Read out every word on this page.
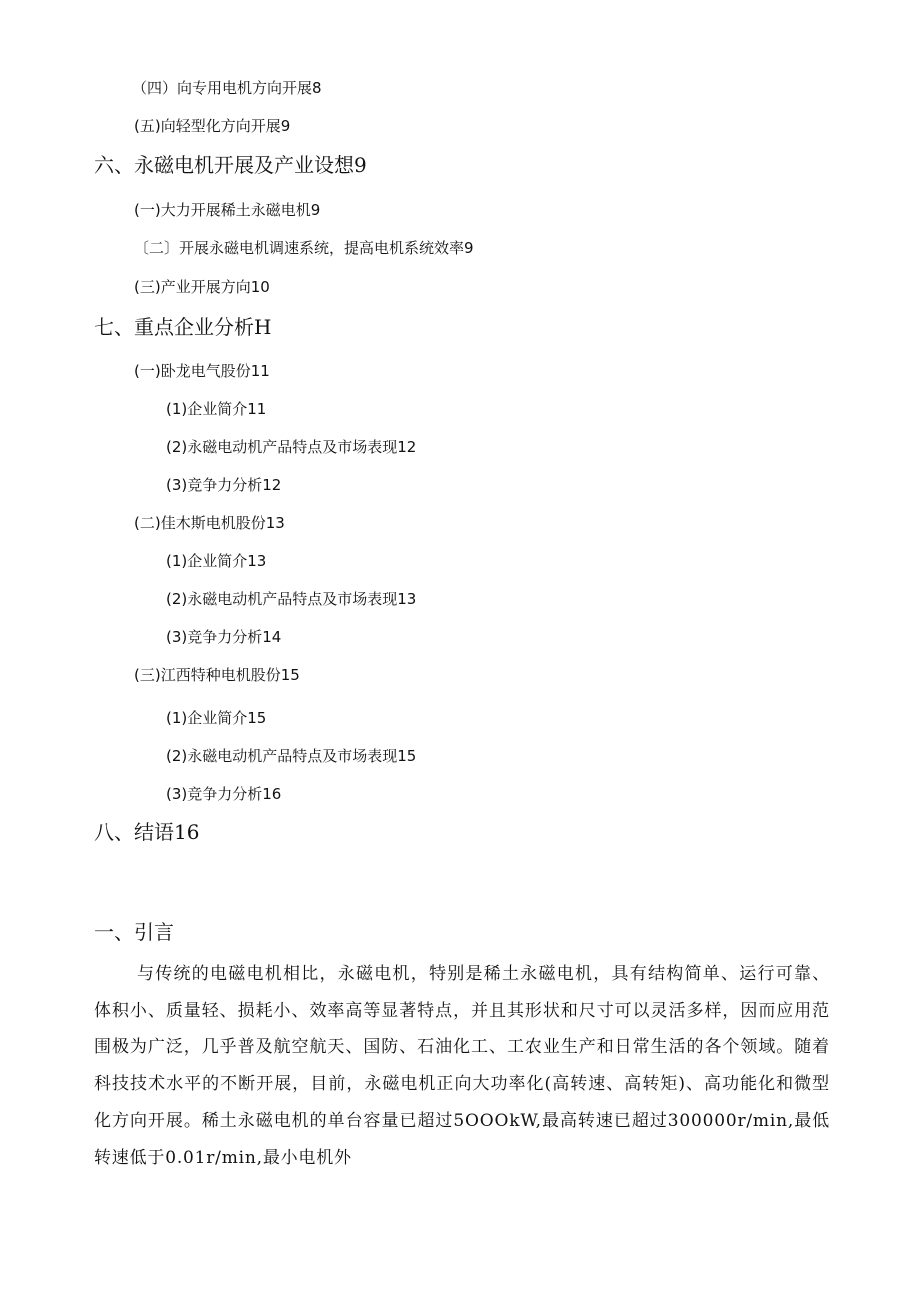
（四）向专用电机方向开展8
(五)向轻型化方向开展9
六、永磁电机开展及产业设想9
(一)大力开展稀土永磁电机9
〔二〕开展永磁电机调速系统，提高电机系统效率9
(三)产业开展方向10
七、重点企业分析H
(一)卧龙电气股份11
(1)企业简介11
(2)永磁电动机产品特点及市场表现12
(3)竞争力分析12
(二)佳木斯电机股份13
(1)企业简介13
(2)永磁电动机产品特点及市场表现13
(3)竞争力分析14
(三)江西特种电机股份15
(1)企业简介15
(2)永磁电动机产品特点及市场表现15
(3)竞争力分析16
八、结语16
一、引言

与传统的电磁电机相比，永磁电机，特别是稀土永磁电机，具有结构简单、运行可靠、体积小、质量轻、损耗小、效率高等显著特点，并且其形状和尺寸可以灵活多样，因而应用范围极为广泛，几乎普及航空航天、国防、石油化工、工农业生产和日常生活的各个领域。随着科技技术水平的不断开展，目前，永磁电机正向大功率化(高转速、高转矩)、高功能化和微型化方向开展。稀土永磁电机的单台容量已超过5OOOkW,最高转速已超过300000r∕min,最低转速低于0.01r∕min,最小电机外
